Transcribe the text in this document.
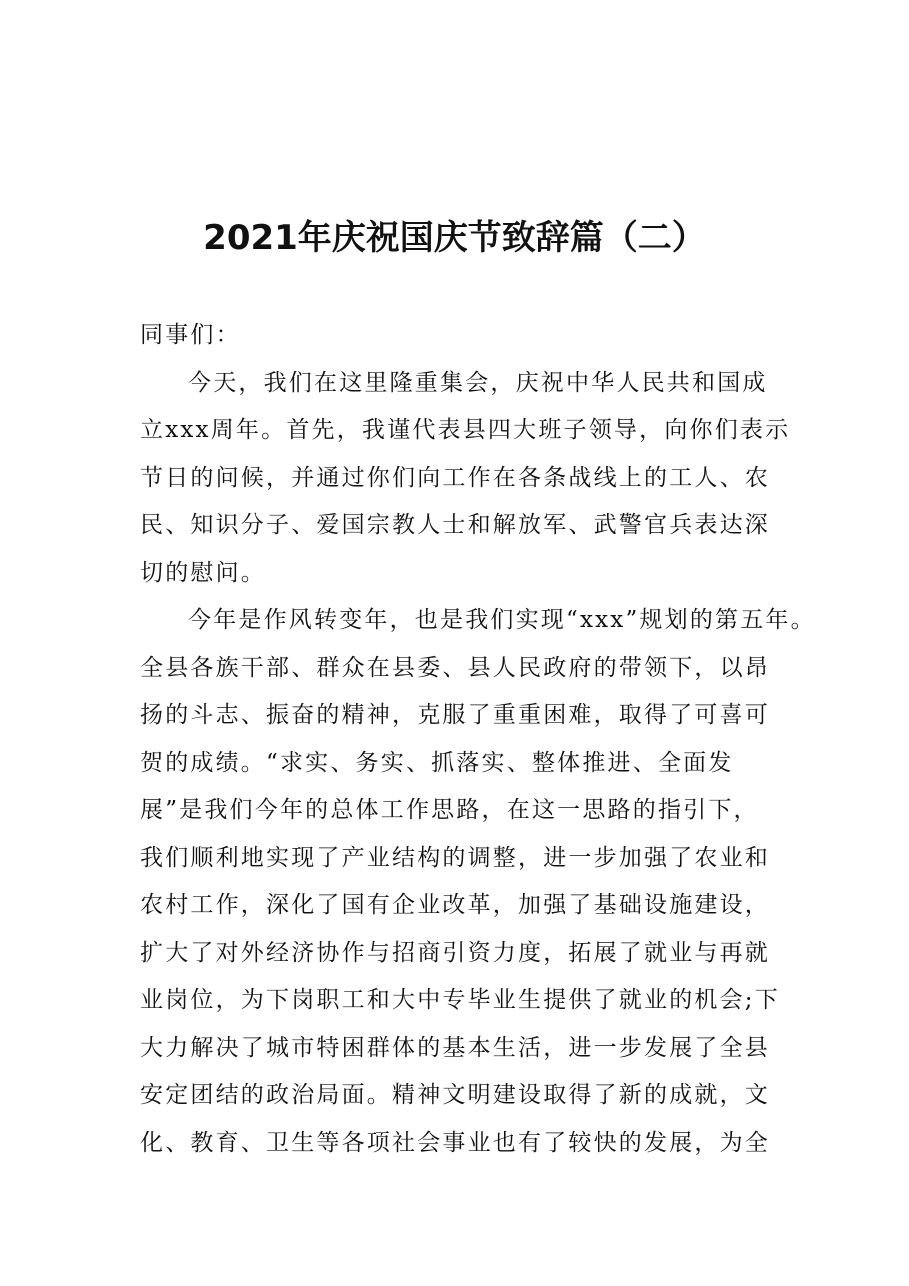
2021年庆祝国庆节致辞篇（二）
同事们：
今天，我们在这里隆重集会，庆祝中华人民共和国成
立xxx周年。首先，我谨代表县四大班子领导，向你们表示
节日的问候，并通过你们向工作在各条战线上的工人、农
民、知识分子、爱国宗教人士和解放军、武警官兵表达深
切的慰问。
今年是作风转变年，也是我们实现“xxx”规划的第五年。
全县各族干部、群众在县委、县人民政府的带领下，以昂
扬的斗志、振奋的精神，克服了重重困难，取得了可喜可
贺的成绩。“求实、务实、抓落实、整体推进、全面发
展”是我们今年的总体工作思路，在这一思路的指引下，
我们顺利地实现了产业结构的调整，进一步加强了农业和
农村工作，深化了国有企业改革，加强了基础设施建设，
扩大了对外经济协作与招商引资力度，拓展了就业与再就
业岗位，为下岗职工和大中专毕业生提供了就业的机会;下
大力解决了城市特困群体的基本生活，进一步发展了全县
安定团结的政治局面。精神文明建设取得了新的成就，文
化、教育、卫生等各项社会事业也有了较快的发展，为全
